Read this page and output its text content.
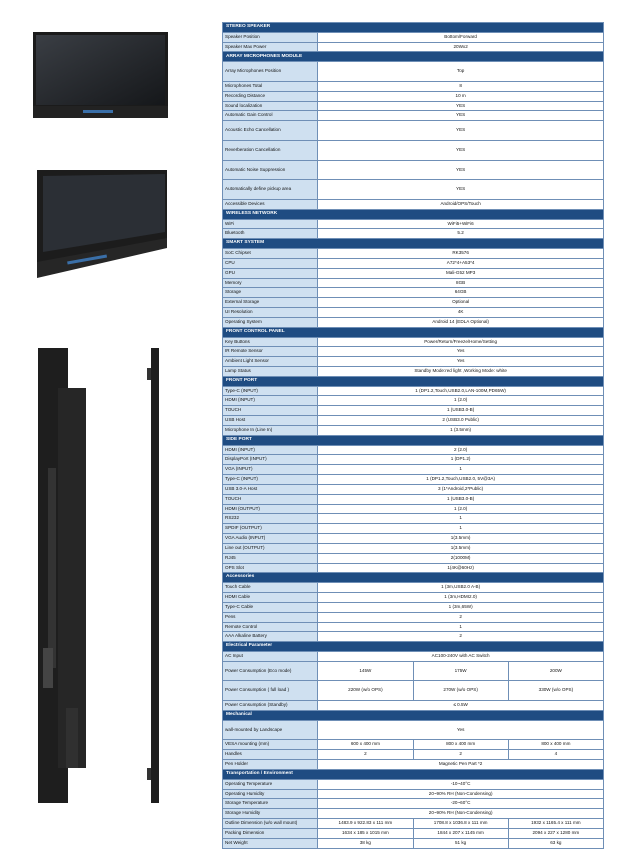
STEREO SPEAKER			
Speaker Position	Bottom/Forward		
Speaker Max Power	20Wx2		
ARRAY MICROPHONES MODULE			
Array Microphones Position	Top		
Microphones Total	8		
Recording Distance	10 m		
Sound localization	YES		
Automatic Gain Control	YES		
Acoustic Echo Cancellation	YES		
Reverberation Cancellation	YES		
Automatic Noise Suppression	YES		
Automatically define pickup area	YES		
Accessible Devices	Android/OPS/Touch		
WIRELESS NETWORK			
WiFi	WiFi5+WiFi6		
Bluetooth	5.2		
SMART SYSTEM			
SoC Chipset	RK3576		
CPU	A72*4+A53*4		
GPU	Mali-G52 MP3		
Memory	8GB		
Storage	64GB		
External Storage	Optional		
UI Resolution	4K		
Operating System	Android 14 (EDLA Optional)		
FRONT CONTROL PANEL			
Key Buttons	Power/Return/Freeze/Home/Setting		
IR Remote Sensor	Yes		
Ambient Light Sensor	Yes		
Lamp Status	Standby Mode:red light ,Working Mode: white		
FRONT PORT			
Type-C (INPUT)	1 (DP1.2,Touch,USB2.0,LAN-100M,PD65W)		
HDMI (INPUT)	1 (2.0)		
TOUCH	1 (USB3.0-B)		
USB Host	2 (USB3.0 Public)		
Microphone In (Line In)	1 (3.5mm)		
SIDE PORT			
HDMI (INPUT)	2 (2.0)		
DisplayPort (INPUT)	1 (DP1.2)		
VGA (INPUT)	1		
Type-C (INPUT)	1 (DP1.2,Touch,USB2.0, 5V@3A)		
USB 3.0-A Host	3 (1*Android,2*Public)		
TOUCH	1 (USB3.0-B)		
HDMI (OUTPUT)	1 (2.0)		
RS232	1		
SPDIF (OUTPUT)	1		
VGA Audio (INPUT)	1(3.5mm)		
Line out (OUTPUT)	1(3.5mm)		
RJ45	2(1000M)		
OPS Slot	1(4K@60Hz)		
Accessories			
Touch Cable	1 (3m,USB2.0 A-B)		
HDMI Cable	1 (3m,HDMI2.0)		
Type-C Cable	1 (3m,65W)		
Pens	2		
Remote Control	1		
AAA Alkaline Battery	2		
Electrical Parameter			
AC Input	AC100-240V with AC Switch		
Power Consumption (Eco mode)	145W	175W	200W
Power Consumption ( full load )	220W (w/o OPS)	270W (w/o OPS)	330W (w/o OPS)
Power Consumption (Standby)	≤ 0.5W		
Mechanical			
wall-mounted by Landscape	Yes		
VESA mounting (mm)	600 x 400 mm	800 x 400 mm	800 x 400 mm
Handles	2	2	4
Pen Holder	Magnetic Pen Part *2		
Transportation / Environment			
Operating Temperature	-10~40°C		
Operating Humidity	20~90% RH (Non-Condensing)		
Storage Temperature	-20~60°C		
Storage Humidity	20~90% RH (Non-Condensing)		
Outline Dimension (w/o wall mount)	1483.9 x 922.83 x 111 mm	1708.8 x 1036.8 x 111 mm	1932 x 1165.4 x 111 mm
Packing Dimension	1634 x 185 x 1015 mm	1844 x 207 x 1145 mm	2094 x 227 x 1280 mm
Net Weight	38 kg	51 kg	63 kg
